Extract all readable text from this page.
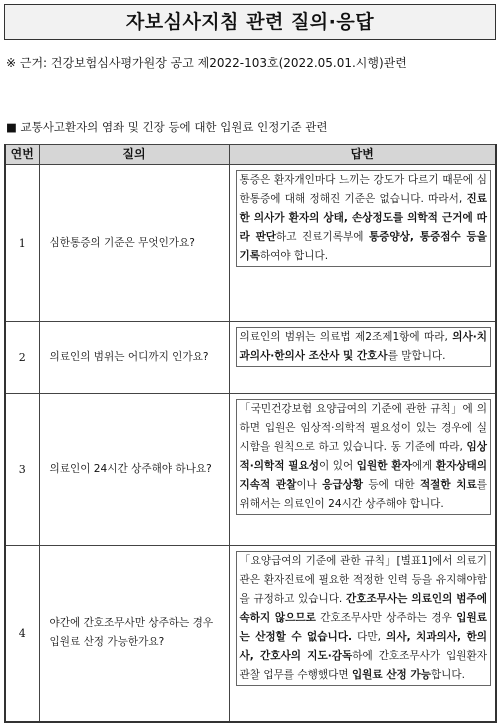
자보심사지침 관련 질의·응답
※ 근거: 건강보험심사평가원장 공고 제2022-103호(2022.05.01.시행)관련
■ 교통사고환자의 염좌 및 긴장 등에 대한 입원료 인정기준 관련
연번	질의	답변
1	심한통증의 기준은 무엇인가요?	통증은 환자개인마다 느끼는 강도가 다르기 때문에 심한통증에 대해 정해진 기준은 없습니다. 따라서, 진료한 의사가 환자의 상태, 손상정도를 의학적 근거에 따라 판단하고 진료기록부에 통증양상, 통증점수 등을 기록하여야 합니다.

2	의료인의 범위는 어디까지 인가요?	의료인의 범위는 의료법 제2조제1항에 따라, 의사·치과의사·한의사 조산사 및 간호사를 말합니다.

3	의료인이 24시간 상주해야 하나요?	「국민건강보험 요양급여의 기준에 관한 규칙」에 의하면 입원은 임상적·의학적 필요성이 있는 경우에 실시함을 원칙으로 하고 있습니다. 동 기준에 따라, 임상적·의학적 필요성이 있어 입원한 환자에게 환자상태의 지속적 관찰이나 응급상황 등에 대한 적절한 치료를 위해서는 의료인이 24시간 상주해야 합니다.

4	야간에 간호조무사만 상주하는 경우 입원료 산정 가능한가요?	「요양급여의 기준에 관한 규칙」[별표1]에서 의료기관은 환자진료에 필요한 적정한 인력 등을 유지해야함을 규정하고 있습니다. 간호조무사는 의료인의 범주에 속하지 않으므로 간호조무사만 상주하는 경우 입원료는 산정할 수 없습니다. 다만, 의사, 치과의사, 한의사, 간호사의 지도·감독하에 간호조무사가 입원환자 관찰 업무를 수행했다면 입원료 산정 가능합니다.
